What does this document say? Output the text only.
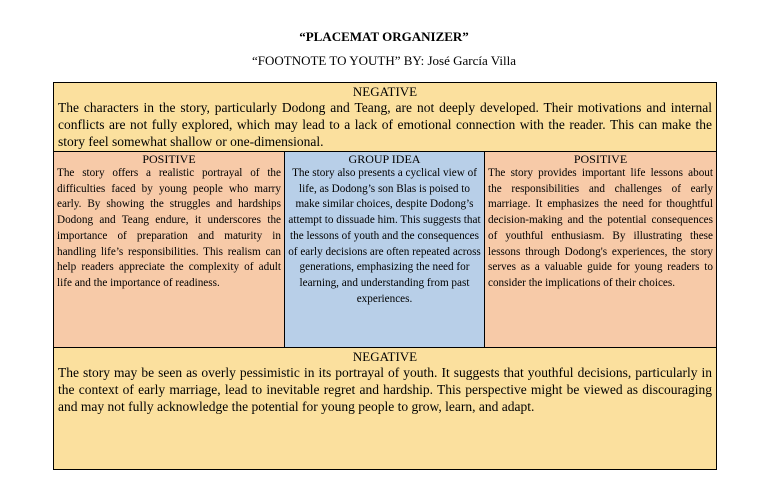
“PLACEMAT ORGANIZER”
“FOOTNOTE TO YOUTH” BY: José García Villa
NEGATIVE
The characters in the story, particularly Dodong and Teang, are not deeply developed. Their motivations and internal conflicts are not fully explored, which may lead to a lack of emotional connection with the reader. This can make the story feel somewhat shallow or one-dimensional.
POSITIVE
The story offers a realistic portrayal of the difficulties faced by young people who marry early. By showing the struggles and hardships Dodong and Teang endure, it underscores the importance of preparation and maturity in handling life’s responsibilities. This realism can help readers appreciate the complexity of adult life and the importance of readiness.
GROUP IDEA
The story also presents a cyclical view of life, as Dodong’s son Blas is poised to make similar choices, despite Dodong’s attempt to dissuade him. This suggests that the lessons of youth and the consequences of early decisions are often repeated across generations, emphasizing the need for learning, and understanding from past experiences.
POSITIVE
The story provides important life lessons about the responsibilities and challenges of early marriage. It emphasizes the need for thoughtful decision-making and the potential consequences of youthful enthusiasm. By illustrating these lessons through Dodong's experiences, the story serves as a valuable guide for young readers to consider the implications of their choices.
NEGATIVE
The story may be seen as overly pessimistic in its portrayal of youth. It suggests that youthful decisions, particularly in the context of early marriage, lead to inevitable regret and hardship. This perspective might be viewed as discouraging and may not fully acknowledge the potential for young people to grow, learn, and adapt.
